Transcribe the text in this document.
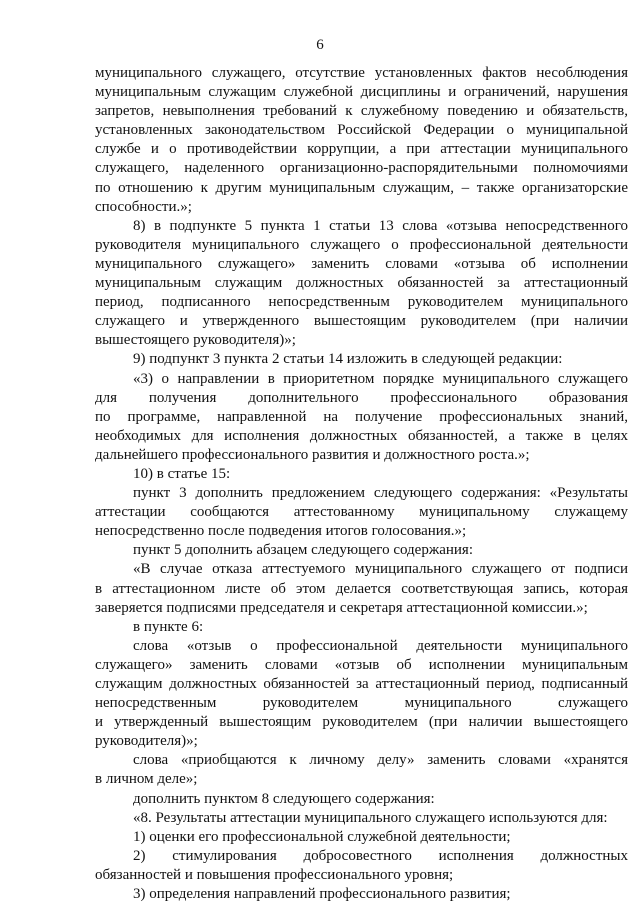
6
муниципального служащего, отсутствие установленных фактов несоблюдения
муниципальным служащим служебной дисциплины и ограничений, нарушения
запретов, невыполнения требований к служебному поведению и обязательств,
установленных законодательством Российской Федерации о муниципальной
службе и о противодействии коррупции, а при аттестации муниципального
служащего, наделенного организационно-распорядительными полномочиями
по отношению к другим муниципальным служащим, – также организаторские
способности.»;
8) в подпункте 5 пункта 1 статьи 13 слова «отзыва непосредственного
руководителя муниципального служащего о профессиональной деятельности
муниципального служащего» заменить словами «отзыва об исполнении
муниципальным служащим должностных обязанностей за аттестационный
период, подписанного непосредственным руководителем муниципального
служащего и утвержденного вышестоящим руководителем (при наличии
вышестоящего руководителя)»;
9) подпункт 3 пункта 2 статьи 14 изложить в следующей редакции:
«3) о направлении в приоритетном порядке муниципального служащего
для получения дополнительного профессионального образования
по программе, направленной на получение профессиональных знаний,
необходимых для исполнения должностных обязанностей, а также в целях
дальнейшего профессионального развития и должностного роста.»;
10) в статье 15:
пункт 3 дополнить предложением следующего содержания: «Результаты
аттестации сообщаются аттестованному муниципальному служащему
непосредственно после подведения итогов голосования.»;
пункт 5 дополнить абзацем следующего содержания:
«В случае отказа аттестуемого муниципального служащего от подписи
в аттестационном листе об этом делается соответствующая запись, которая
заверяется подписями председателя и секретаря аттестационной комиссии.»;
в пункте 6:
слова «отзыв о профессиональной деятельности муниципального
служащего» заменить словами «отзыв об исполнении муниципальным
служащим должностных обязанностей за аттестационный период, подписанный
непосредственным руководителем муниципального служащего
и утвержденный вышестоящим руководителем (при наличии вышестоящего
руководителя)»;
слова «приобщаются к личному делу» заменить словами «хранятся
в личном деле»;
дополнить пунктом 8 следующего содержания:
«8. Результаты аттестации муниципального служащего используются для:
1) оценки его профессиональной служебной деятельности;
2) стимулирования добросовестного исполнения должностных
обязанностей и повышения профессионального уровня;
3) определения направлений профессионального развития;
